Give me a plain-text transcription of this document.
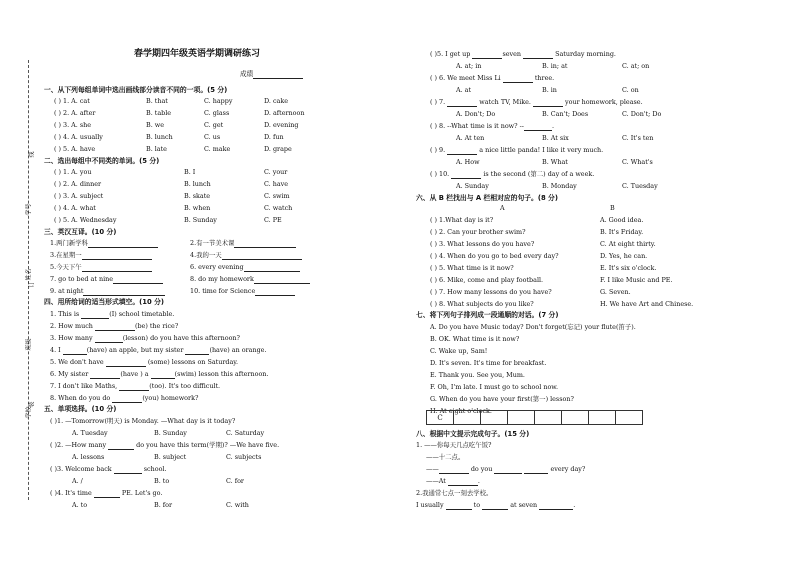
学号
姓名
班级
学校
线
订
装
春学期四年级英语学期调研练习
成绩
一、从下列每组单词中选出画线部分读音不同的一项。(5 分)
( ) 1. A. cat	B. that	C. happy	D. cake
( ) 2. A. after	B. table	C. glass	D. afternoon
( ) 3. A. she	B. we	C. get	D. evening
( ) 4. A. usually	B. lunch	C. us	D. fun
( ) 5. A. have	B. late	C. make	D. grape
二、选出每组中不同类的单词。(5 分)
( ) 1. A. you	B. I	C. your
( ) 2. A. dinner	B. lunch	C. have
( ) 3. A. subject	B. skate	C. swim
( ) 4. A. what	B. when	C. watch
( ) 5. A. Wednesday	B. Sunday	C. PE
三、英汉互译。(10 分)
1.两门新学科	2.有一节美术课
3.在星期一	4.我的一天
5.今天下午	6. every evening
7. go to bed at nine	8. do my homework
9. at night	10. time for Science
四、用所给词的适当形式填空。(10 分)
1. This is	(I) school timetable.
2. How much	(be) the rice?
3. How many	(lesson) do you have this afternoon?
4. I	(have) an apple, but my sister	(have) an orange.
5. We don't have	(some) lessons on Saturday.
6. My sister	(have ) a	(swim) lesson this afternoon.
7. I don't like Maths,	(too). It's too difficult.
8. When do you do	(you) homework?
五、单项选择。(10 分)
( )1. —Tomorrow(明天) is Monday. —What day is it today?
A. Tuesday	B. Sunday	C. Saturday
( )2. —How many	do you have this term(学期)? —We have five.
A. lessons	B. subject	C. subjects
( )3. Welcome back	school.
A. /	B. to	C. for
( )4. It's time	PE. Let's go.
A. to	B. for	C. with
( )5. I get up	seven	Saturday morning.
A. at; in	B. in; at	C. at; on
( ) 6. We meet Miss Li	three.
A. at	B. in	C. on
( ) 7.	watch TV, Mike.	your homework, please.
A. Don't; Do	B. Can't; Does	C. Don't; Do
( ) 8. --What time is it now? --	.
A. At ten	B. At six	C. It's ten
( ) 9.	a nice little panda! I like it very much.
A. How	B. What	C. What's
( ) 10.	is the second (第二) day of a week.
A. Sunday	B. Monday	C. Tuesday
六、从 B 栏找出与 A 栏相对应的句子。(8 分)
A	B
( ) 1.What day is it?	A. Good idea.
( ) 2. Can your brother swim?	B. It's Friday.
( ) 3. What lessons do you have?	C. At eight thirty.
( ) 4. When do you go to bed every day?	D. Yes, he can.
( ) 5. What time is it now?	E. It's six o'clock.
( ) 6. Mike, come and play football.	F. I like Music and PE.
( ) 7. How many lessons do you have?	G. Seven.
( ) 8. What subjects do you like?	H. We have Art and Chinese.
七、将下列句子排列成一段通顺的对话。(7 分)
A. Do you have Music today? Don't forget(忘记) your flute(笛子).
B. OK. What time is it now?
C. Wake up, Sam!
D. It's seven. It's time for breakfast.
E. Thank you. See you, Mum.
F. Oh, I'm late. I must go to school now.
G. When do you have your first(第一) lesson?
H. At eight o'clock.
C							
八、根据中文提示完成句子。(15 分)
1. ——你每天几点吃午饭?
——十二点。
——	do you	every day?
——At	.
2.我通常七点一刻去学校。
I usually	to	at seven	.
